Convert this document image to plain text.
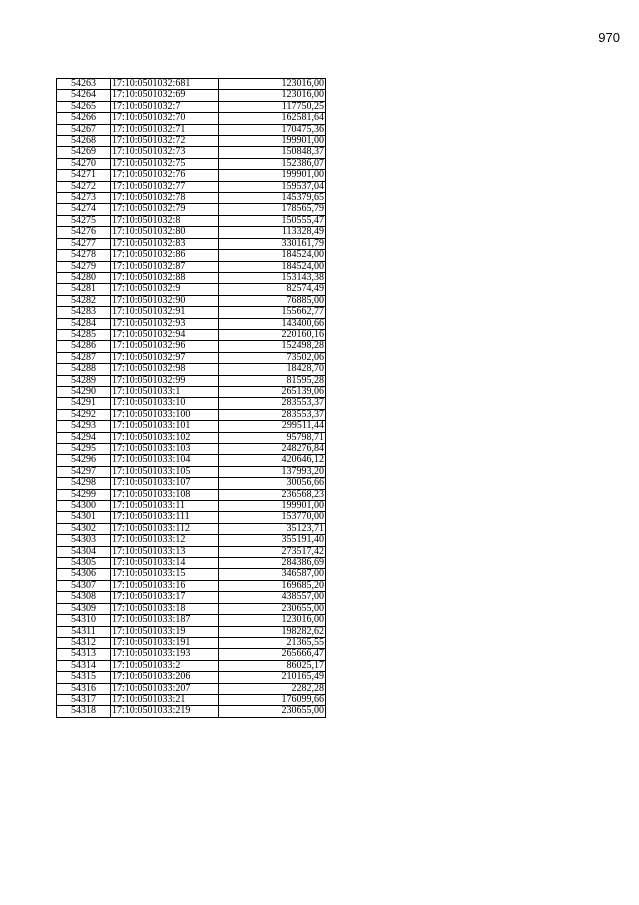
970
54263	17:10:0501032:681	123016,00
54264	17:10:0501032:69	123016,00
54265	17:10:0501032:7	117750,25
54266	17:10:0501032:70	162581,64
54267	17:10:0501032:71	170475,36
54268	17:10:0501032:72	199901,00
54269	17:10:0501032:73	150848,37
54270	17:10:0501032:75	152386,07
54271	17:10:0501032:76	199901,00
54272	17:10:0501032:77	159537,04
54273	17:10:0501032:78	145379,65
54274	17:10:0501032:79	178565,79
54275	17:10:0501032:8	150555,47
54276	17:10:0501032:80	113328,49
54277	17:10:0501032:83	330161,79
54278	17:10:0501032:86	184524,00
54279	17:10:0501032:87	184524,00
54280	17:10:0501032:88	153143,38
54281	17:10:0501032:9	82574,49
54282	17:10:0501032:90	76885,00
54283	17:10:0501032:91	155662,77
54284	17:10:0501032:93	143400,66
54285	17:10:0501032:94	220160,16
54286	17:10:0501032:96	152498,28
54287	17:10:0501032:97	73502,06
54288	17:10:0501032:98	18428,70
54289	17:10:0501032:99	81595,28
54290	17:10:0501033:1	265139,06
54291	17:10:0501033:10	283553,37
54292	17:10:0501033:100	283553,37
54293	17:10:0501033:101	299511,44
54294	17:10:0501033:102	95798,71
54295	17:10:0501033:103	248276,84
54296	17:10:0501033:104	420646,12
54297	17:10:0501033:105	137993,20
54298	17:10:0501033:107	30056,66
54299	17:10:0501033:108	236568,23
54300	17:10:0501033:11	199901,00
54301	17:10:0501033:111	153770,00
54302	17:10:0501033:112	35123,71
54303	17:10:0501033:12	355191,40
54304	17:10:0501033:13	273517,42
54305	17:10:0501033:14	284386,69
54306	17:10:0501033:15	346587,00
54307	17:10:0501033:16	169685,20
54308	17:10:0501033:17	438557,00
54309	17:10:0501033:18	230655,00
54310	17:10:0501033:187	123016,00
54311	17:10:0501033:19	198282,62
54312	17:10:0501033:191	21365,55
54313	17:10:0501033:193	265666,47
54314	17:10:0501033:2	86025,17
54315	17:10:0501033:206	210165,49
54316	17:10:0501033:207	2282,28
54317	17:10:0501033:21	176099,66
54318	17:10:0501033:219	230655,00
